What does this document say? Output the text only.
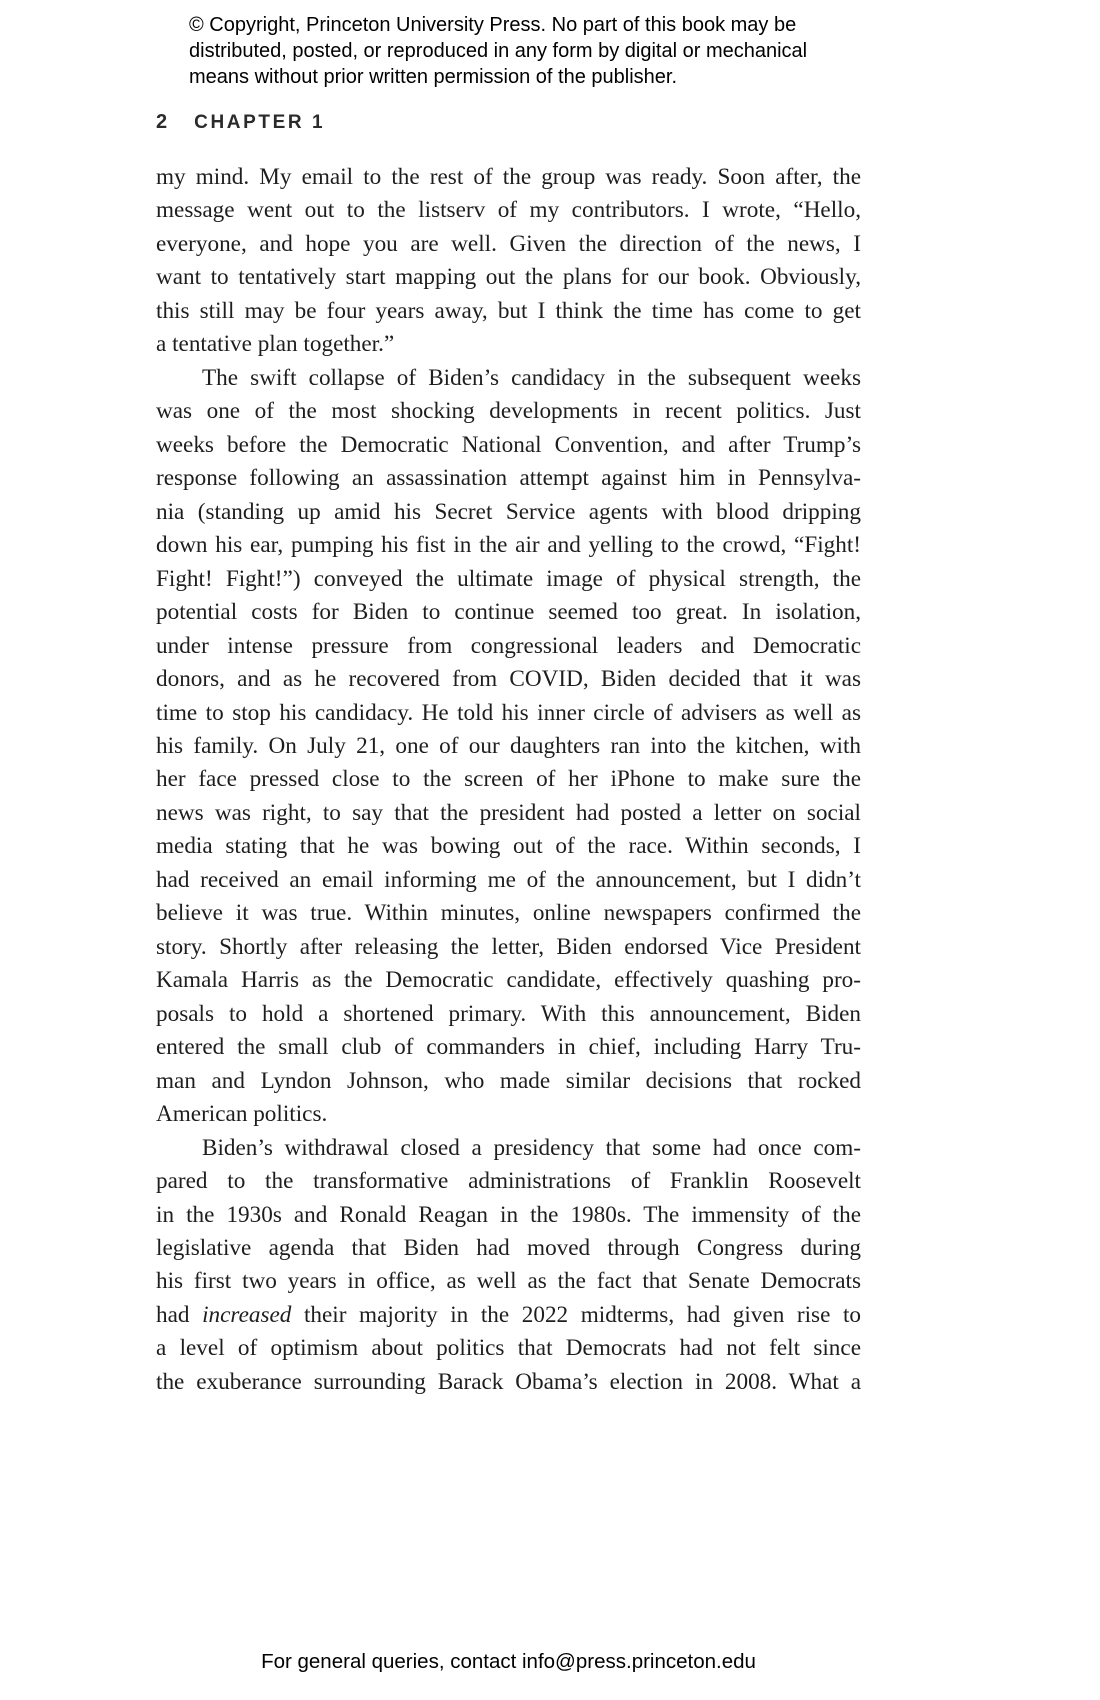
© Copyright, Princeton University Press. No part of this book may be
distributed, posted, or reproduced in any form by digital or mechanical
means without prior written permission of the publisher.
2 CHAPTER 1
my mind. My email to the rest of the group was ready. Soon after, the
message went out to the listserv of my contributors. I wrote, “Hello,
everyone, and hope you are well. Given the direction of the news, I
want to tentatively start mapping out the plans for our book. Obviously,
this still may be four years away, but I think the time has come to get
a tentative plan together.”
The swift collapse of Biden’s candidacy in the subsequent weeks
was one of the most shocking developments in recent politics. Just
weeks before the Democratic National Convention, and after Trump’s
response following an assassination attempt against him in Pennsylva-
nia (standing up amid his Secret Service agents with blood dripping
down his ear, pumping his fist in the air and yelling to the crowd, “Fight!
Fight! Fight!”) conveyed the ultimate image of physical strength, the
potential costs for Biden to continue seemed too great. In isolation,
under intense pressure from congressional leaders and Democratic
donors, and as he recovered from COVID, Biden decided that it was
time to stop his candidacy. He told his inner circle of advisers as well as
his family. On July 21, one of our daughters ran into the kitchen, with
her face pressed close to the screen of her iPhone to make sure the
news was right, to say that the president had posted a letter on social
media stating that he was bowing out of the race. Within seconds, I
had received an email informing me of the announcement, but I didn’t
believe it was true. Within minutes, online newspapers confirmed the
story. Shortly after releasing the letter, Biden endorsed Vice President
Kamala Harris as the Democratic candidate, effectively quashing pro-
posals to hold a shortened primary. With this announcement, Biden
entered the small club of commanders in chief, including Harry Tru-
man and Lyndon Johnson, who made similar decisions that rocked
American politics.
Biden’s withdrawal closed a presidency that some had once com-
pared to the transformative administrations of Franklin Roosevelt
in the 1930s and Ronald Reagan in the 1980s. The immensity of the
legislative agenda that Biden had moved through Congress during
his first two years in office, as well as the fact that Senate Democrats
had increased their majority in the 2022 midterms, had given rise to
a level of optimism about politics that Democrats had not felt since
the exuberance surrounding Barack Obama’s election in 2008. What a
For general queries, contact info@press.princeton.edu
